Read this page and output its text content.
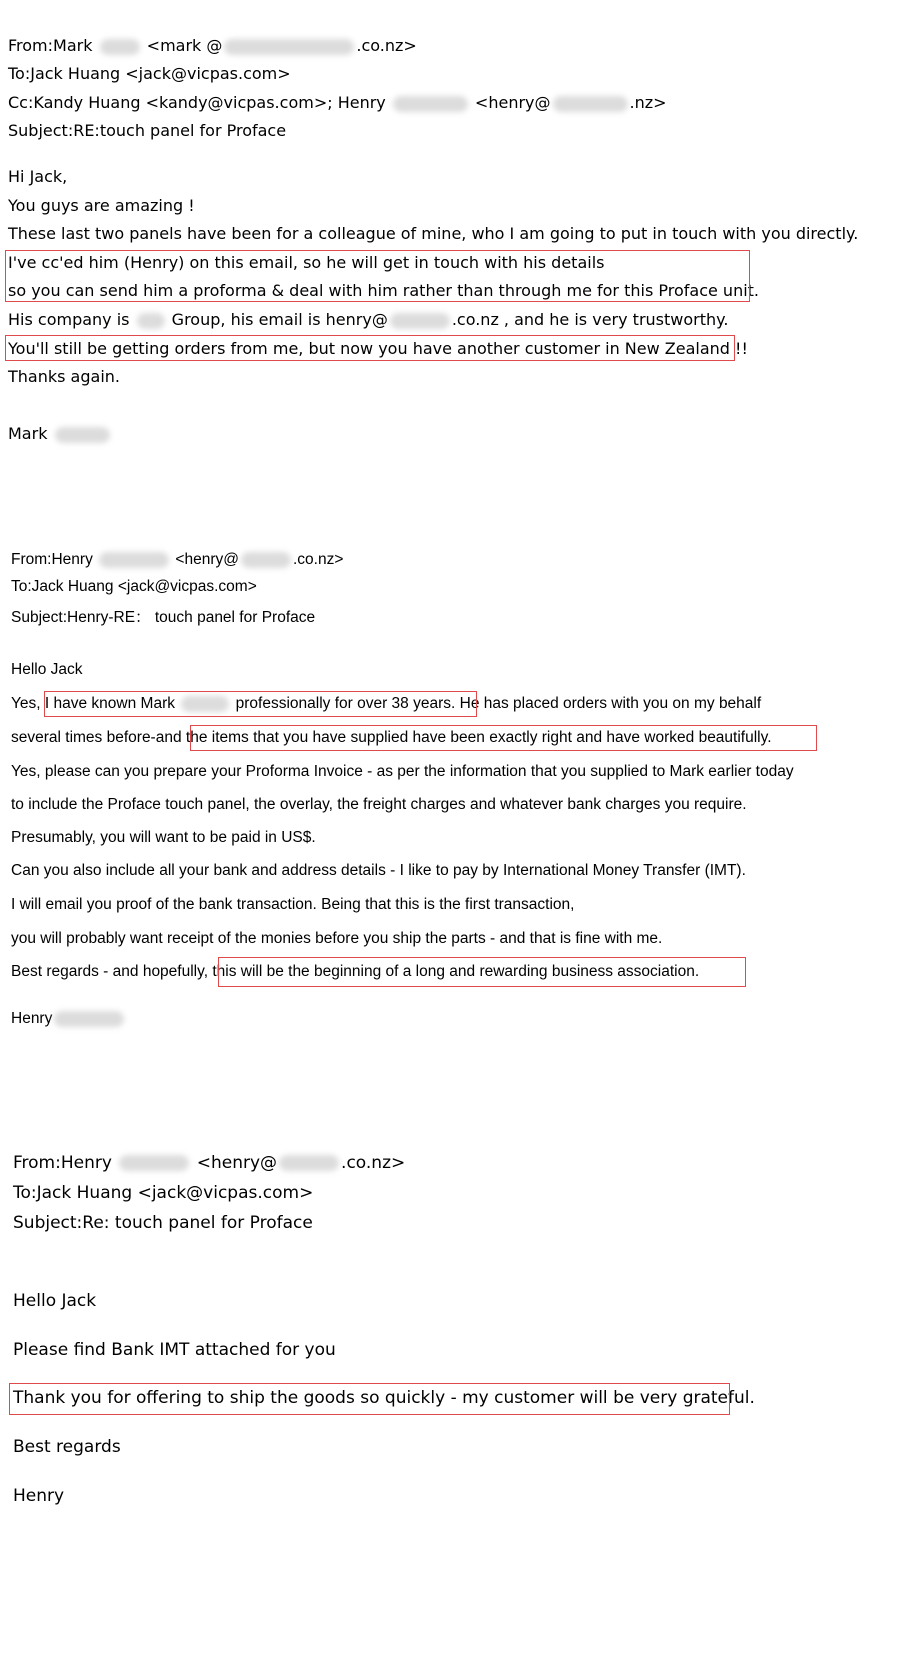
From:Mark	<mark @	.co.nz>
To:Jack Huang <jack@vicpas.com>
Cc:Kandy Huang <kandy@vicpas.com>; Henry	<henry@	.nz>
Subject:RE:touch panel for Proface
Hi Jack,
You guys are amazing !
These last two panels have been for a colleague of mine, who I am going to put in touch with you directly.
I've cc'ed him (Henry) on this email, so he will get in touch with his details
so you can send him a proforma & deal with him rather than through me for this Proface unit.
His company is  Group, his email is henry@	.co.nz , and he is very trustworthy.
You'll still be getting orders from me, but now you have another customer in New Zealand !!
Thanks again.
Mark
From:Henry	<henry@	.co.nz>
To:Jack Huang <jack@vicpas.com>
Subject:Henry-RE： touch panel for Proface
Hello Jack
Yes, I have known Mark	professionally for over 38 years. He has placed orders with you on my behalf
several times before-and the items that you have supplied have been exactly right and have worked beautifully.
Yes, please can you prepare your Proforma Invoice - as per the information that you supplied to Mark earlier today
to include the Proface touch panel, the overlay, the freight charges and whatever bank charges you require.
Presumably, you will want to be paid in US$.
Can you also include all your bank and address details - I like to pay by International Money Transfer (IMT).
I will email you proof of the bank transaction. Being that this is the first transaction,
you will probably want receipt of the monies before you ship the parts - and that is fine with me.
Best regards - and hopefully, this will be the beginning of a long and rewarding business association.
Henry
From:Henry	<henry@	.co.nz>
To:Jack Huang <jack@vicpas.com>
Subject:Re: touch panel for Proface
Hello Jack
Please find Bank IMT attached for you
Thank you for offering to ship the goods so quickly - my customer will be very grateful.
Best regards
Henry
